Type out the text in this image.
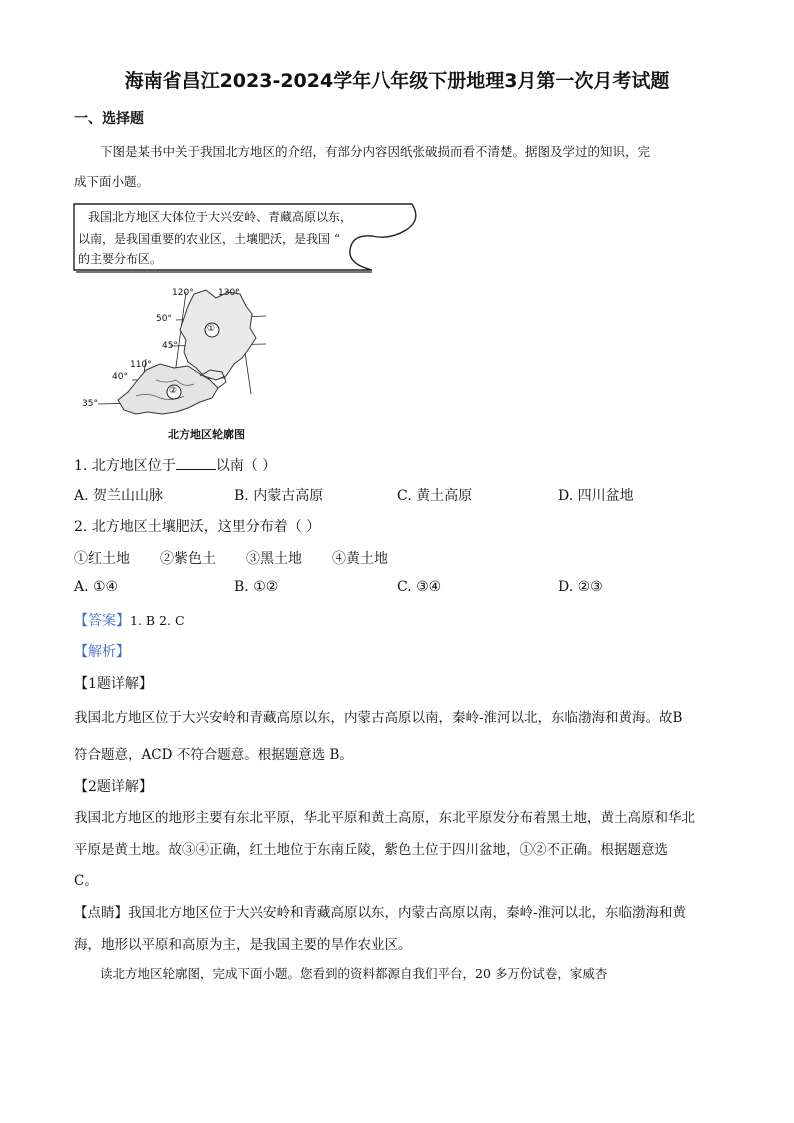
海南省昌江2023-2024学年八年级下册地理3月第一次月考试题
一、选择题
下图是某书中关于我国北方地区的介绍，有部分内容因纸张破损而看不清楚。据图及学过的知识，完
成下面小题。
我国北方地区大体位于大兴安岭、青藏高原以东，
以南，是我国重要的农业区，土壤肥沃，是我国 “
的主要分布区。
120°	130°
110°
50°
45°
40°
35°
①
②
北方地区轮廓图
1. 北方地区位于	以南（ ）
A. 贺兰山山脉	B. 内蒙古高原	C. 黄土高原	D. 四川盆地
2. 北方地区土壤肥沃，这里分布着（ ）
①红土地 ②紫色土 ③黑土地 ④黄土地
A. ①④	B. ①②	C. ③④	D. ②③
【答案】1. B 2. C
【解析】
【1题详解】
我国北方地区位于大兴安岭和青藏高原以东，内蒙古高原以南，秦岭-淮河以北，东临渤海和黄海。故B
符合题意，ACD 不符合题意。根据题意选 B。
【2题详解】
我国北方地区的地形主要有东北平原，华北平原和黄土高原，东北平原发分布着黑土地，黄土高原和华北
平原是黄土地。故③④正确，红土地位于东南丘陵，紫色土位于四川盆地，①②不正确。根据题意选
C。
【点睛】我国北方地区位于大兴安岭和青藏高原以东，内蒙古高原以南，秦岭-淮河以北，东临渤海和黄
海，地形以平原和高原为主，是我国主要的旱作农业区。
读北方地区轮廓图，完成下面小题。您看到的资料都源自我们平台，20 多万份试卷，家威杏
